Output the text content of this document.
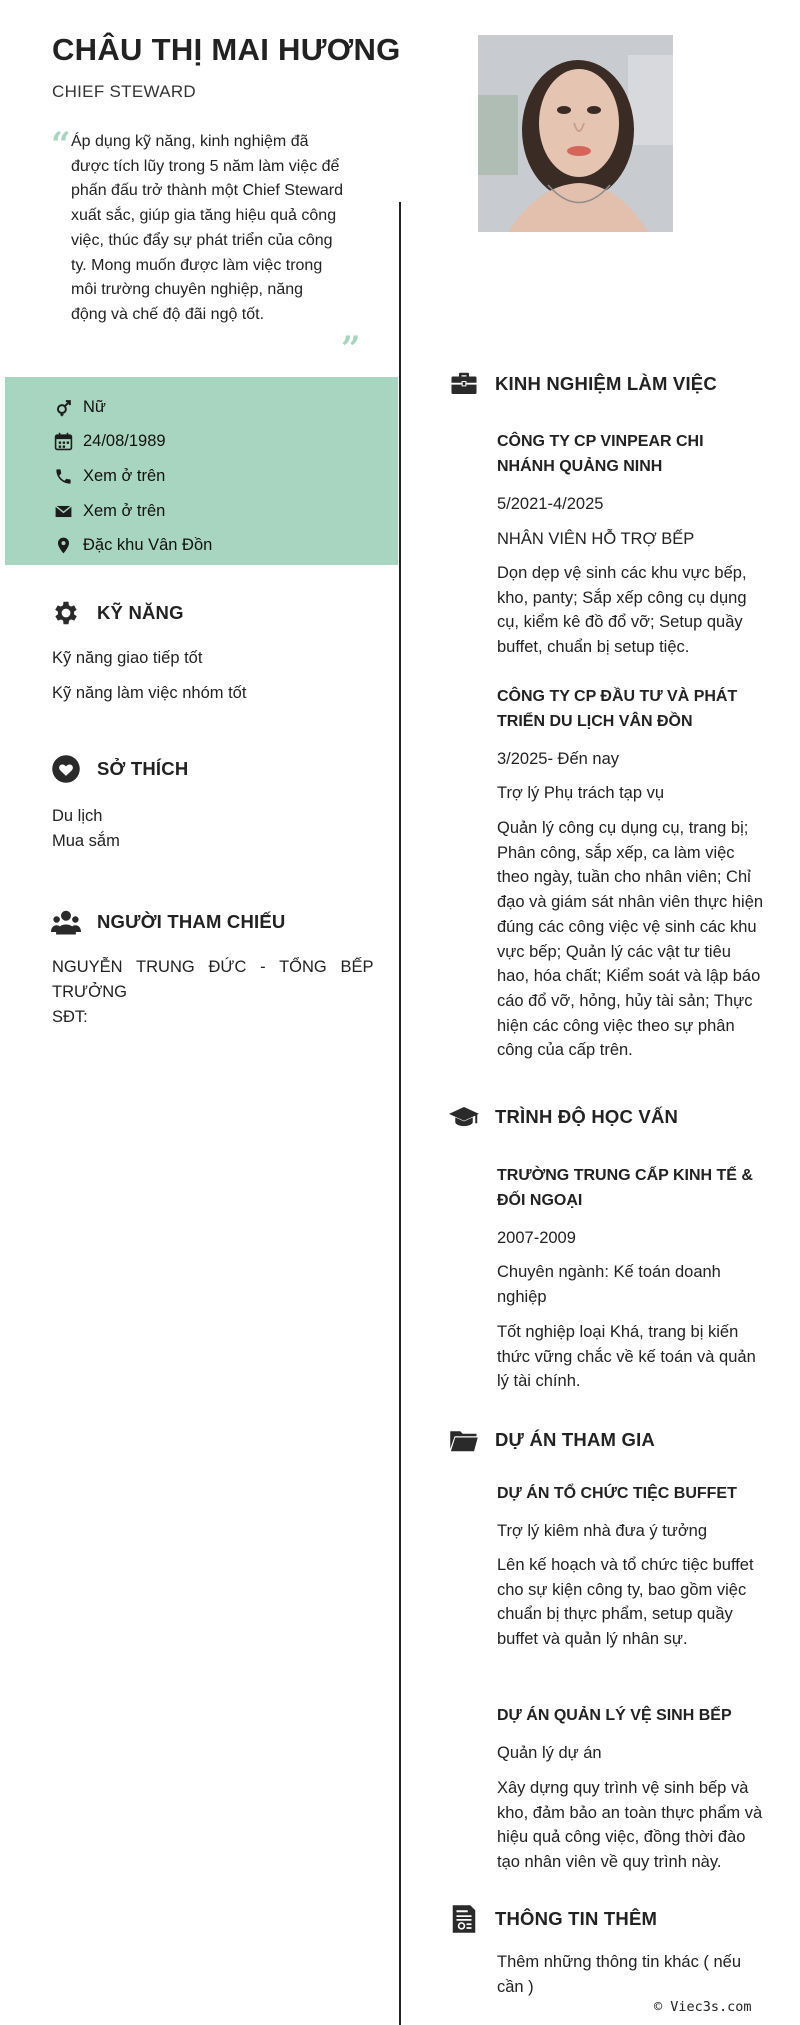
CHÂU THỊ MAI HƯƠNG
CHIEF STEWARD
“ Áp dụng kỹ năng, kinh nghiệm đã được tích lũy trong 5 năm làm việc để phấn đấu trở thành một Chief Steward xuất sắc, giúp gia tăng hiệu quả công việc, thúc đẩy sự phát triển của công ty. Mong muốn được làm việc trong môi trường chuyên nghiệp, năng động và chế độ đãi ngộ tốt.
”
Nữ
24/08/1989
Xem ở trên
Xem ở trên
Đặc khu Vân Đồn
KỸ NĂNG
Kỹ năng giao tiếp tốt
Kỹ năng làm việc nhóm tốt
SỞ THÍCH
Du lịch
Mua sắm
NGƯỜI THAM CHIẾU
NGUYỄN   TRUNG   ĐỨC   -   TỔNG   BẾP
TRƯỞNG
SĐT:
KINH NGHIỆM LÀM VIỆC
CÔNG TY CP VINPEAR CHI
NHÁNH QUẢNG NINH
5/2021-4/2025
NHÂN VIÊN HỖ TRỢ BẾP
Dọn dẹp vệ sinh các khu vực bếp, kho, panty; Sắp xếp công cụ dụng cụ, kiểm kê đồ đổ vỡ; Setup quầy buffet, chuẩn bị setup tiệc.
CÔNG TY CP ĐẦU TƯ VÀ PHÁT
TRIỂN DU LỊCH VÂN ĐỒN
3/2025- Đến nay
Trợ lý Phụ trách tạp vụ
Quản lý công cụ dụng cụ, trang bị; Phân công, sắp xếp, ca làm việc theo ngày, tuần cho nhân viên; Chỉ đạo và giám sát nhân viên thực hiện đúng các công việc vệ sinh các khu vực bếp; Quản lý các vật tư tiêu hao, hóa chất; Kiểm soát và lập báo cáo đổ vỡ, hỏng, hủy tài sản; Thực hiện các công việc theo sự phân công của cấp trên.
TRÌNH ĐỘ HỌC VẤN
TRƯỜNG TRUNG CẤP KINH TẾ &
ĐỐI NGOẠI
2007-2009
Chuyên ngành: Kế toán doanh nghiệp
Tốt nghiệp loại Khá, trang bị kiến thức vững chắc về kế toán và quản lý tài chính.
DỰ ÁN THAM GIA
DỰ ÁN TỔ CHỨC TIỆC BUFFET
Trợ lý kiêm nhà đưa ý tưởng
Lên kế hoạch và tổ chức tiệc buffet cho sự kiện công ty, bao gồm việc chuẩn bị thực phẩm, setup quầy buffet và quản lý nhân sự.
DỰ ÁN QUẢN LÝ VỆ SINH BẾP
Quản lý dự án
Xây dựng quy trình vệ sinh bếp và kho, đảm bảo an toàn thực phẩm và hiệu quả công việc, đồng thời đào tạo nhân viên về quy trình này.
THÔNG TIN THÊM
Thêm những thông tin khác ( nếu cần )
© Viec3s.com
